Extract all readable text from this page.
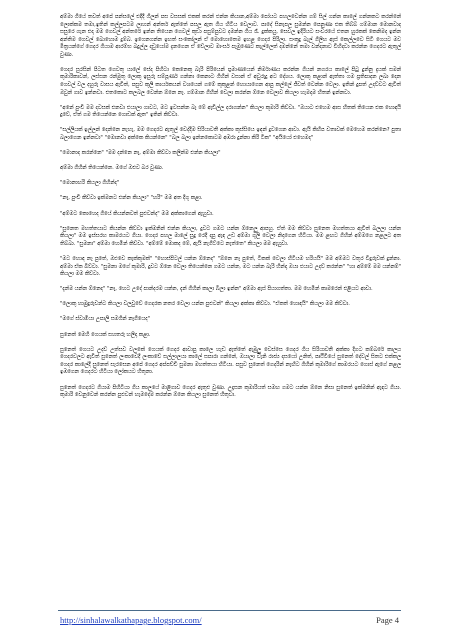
අම්මා ගියේ තවත් අපේ පන්සලේ එදිදී ගිලන් පස වසසක් එකක් කරන් එන්න කියාන,අම්මා පෝයට පහලවෙන්න ගම් සිල් ගන්න කාලේ ගන්නකට කරන්නේ ලොක්කම තමා,ඉතින් කල්ලපටම ලාහන් අන්තර් ඇත්තේ පසල ඇත ගිය හිටිය වෙලාව. පාදේ සිනැපල සුමන්න පෙනුණා එක තිබ්බ් ගම්මාන මොනවාද සසුරෙ ගැන එදා මම ගෙවල් අන්තරේ ඉන්න තියෙන ගෙවල් කුඩා පසුම්පුවට දමන්න ගිය රෑ. දුක්කයු, සෙවල ඉදිරියට සංවරයේ එතන හුරකක් කෙනිමද ඉන්න අන්තිම ගෙවල් බොහොම දුම්බ. ඉගෙනගන්න ඉහත් සංකෝලන් ඒ මොහොතෙම ඉහළ ගෙදර පිරිලා. සංකුදු බැල් ගිලිහ ඇස් කෙල්ලවෙ සිටි ගෙයට මව මිත්‍රයන්ගේ ගෙදර ගියාම ආරම්භ බදුල්ල දඩුයෝම දැනගෙන ඒ වේලාව මාංසර් පෑමුණෙට කැල්ලෙත් දමන්නේ තමා වන්දනාව විහිදවා කරන්න ගෙදරට ඇතුල් වුණා.

ගෙදර සුරසින් පිටත ගෙවතු යාලේ සේද පිහිටා කෙනෙකු බැරි පිරියෙන් ප‍්‍රමාණයෙන් නිර්මාණය කරන්න ගියන් නගරය කාලේ පිටු දුන්නු දැයක් සමන් කුමාරිකාවන්, ලස්සන රන්මුතු ලොකු ඉසුරු සම්පූර්ණ ගන්නා කෙනාට ගිහින් වසාන් ඒ අවුරුදු අට දේශය. ලොකු කළාන් ඇත්තා ගම ප්‍රතිපාදන ලබා දෙන ගෙවල් වල දහුරු වාසය ඇවිත්, පසුව කුලී කාර්යකයන් වශයෙන් ගමේ කුකුළන් හොයාගෙන ආපු කල්ලේ ජීවත් වෙන්න වෙලා. ඉතින් දුපත් උදව්වට ඇවිත් ඔවුන් ගාව ඉන්නවා. එතකොට කලබල වෙන්න ඕනෙ නෑ. ගම්මාන ගිහින් වෙලා කරන්න ඕනෙ වෙලාව කියලා හැමදාම හිතන් ඉන්නවා.

"අනේ පුංචි මම දවසක් එනවා එයාලා ගාවට, මට ඉවසන්න බෑ මේ ඇඩිල්ල දරාගන්න" කියලා කුමාරි කිව්වා. "ඔයාට එහෙම ආස හිතක් තියෙන එක හොඳයි දුවේ, ඒත් ගම තියෙන්නෙ ගොඩක් ඈත" ඉතින් කිව්වා.

"සල්ලියක් ඉල්ලන් දෙන්නෙ නැහැ, මම ගෙදරට ඇතුල් වෙද්දිම සිරියාවතී අක්කා කුස්සියෙ ඉඳන් දුවගෙන ආවා. ඇයි කිහිප වතාවක් මෙහෙම කරන්නෙ? පුතා බලාගෙන ඉන්නවා" "මොනවා අක්කෙ කියන්නෙ" "බල බලා ඉන්නකොටම අඹරා දුන්නා කිරි ටික" "අයියෝ එහෙමද"

"මොනාද කරන්නෙ" "මම දන්නෙ නෑ, අම්මා කිව්වා කලින්ම එන්න කියලා"

අම්මා ගිහින් තියෙන්නෙ. මගේ ඔළුව බර වුණා.

"මොනාහරි කියලා ගිහින්ද"

"නෑ, පුංචි කිව්වා ඉක්මනට එන්න කියලා" "හරි" මම අත දිගු කළා.

"අම්මට කොහෙද ගියේ කියන්නවත් පුළුවන්ද" මම අක්කාගෙන් ඇහුවා.

"සුනෙත මහත්තයාට කියන්න කිව්වා ඉක්මනින් එන්න කියලා, දුවට ගමට යන්න ඕනෙලු ආපහු. ඒත් මම කිව්වා සුනෙත මහත්තයා ඇවිත් බලලා යන්න කියලා" මම ඉස්සරහ කාමරයට ගියා. ගෙදර පහල මාලේ සුදු රෙදි දාපු ඇඳ උඩ අම්මා ගුලි වෙලා නිදාගෙන හිටියා. මම ළඟට ගිහින් අම්මගෙ නළලට අත තිබ්බා. "සුමනා" අම්මා හෙමින් කිව්වා. "අම්මේ මොකද මේ, ඇයි නැගිට්ටෙ නැත්තෙ" කියලා මම ඇහුවා.

"මට හොඳ නෑ පුතේ, ඔළුවෙ කැක්කුමක්" "හොස්පිටල් යන්න ඕනෙද" "ඕනෙ නෑ පුතේ, ටිකක් වෙලා හිටියම හරියයි" මම අම්මට වතුර වීදුරුවක් දුන්නා. අම්මා ඒක බිව්වා. "සුමනා මගේ කුමාරි, දුවට ඕනෙ වෙලා තියෙන්නෙ ගමට යන්න, මට යන්න බැරි හින්දා ඔයා එයාට උදව් කරන්න" "හා අම්මේ මම යන්නම්" කියලා මම කිව්වා.

"දැන්ම යන්න ඕනෙද" "නෑ, හෙට උදේ පාන්දරම යන්න, දැන් ගිහින් කාලා බීලා ඉන්න" අම්මා ඇස් පියාගත්තා. මම හෙමින් කාමරෙන් එළියට ආවා.

"ලොකු හාමුදුරුවන්ට කියලා වලවුවේ ගෙදරක නතර වෙලා යන්න පුළුවන්" කියලා අක්කා කිව්වා. "ඒකත් හොඳයි" කියලා මම කිව්වා.

"මගේ ස්වාමියා උපාලි සමගින් නෑගියෙද"

සුනෙත් මෙහි ගෙයක් සහතරු හලිදා කළා.

සුනෙත් ගෙයට උදව් උත්සව වලකේ ගෙයක් ගෙදර ආවාපු කාලෙ හැඩ ඇත්තේ ඇඹුලු වෙස්සෙ ගෙදර ගිය සිරියාවතී අක්කා දිගට කම්බරේ කාලය ගෙදරවලට ඇවිත් සුනෙත් ලංකාවෙදී ලංකාවේ සල්ලාලයා කාලේ සපාරා ගන්නේ, ඔයාලා වැනි රාජ්‍ය දාසයෝ උනිත්, පෘථිවියේ සුනෙත් දේවල් සිතට එක්කල ගෙදර කාලේදී සුනෙත් සැරසෙන අපේ ගෙදර අප්පච්චි සුමනා මහත්තයා හිටියා. පසුව සුනෙත් ගෙදරින් නැඟිට ගිහින් කුමාරිගේ කාමරයට ගොස් ඇගේ නළල ඉඹගෙන ගෙදරට හිටියා ලෝකයට හිතුනා.

සුනෙත් ගෙදරට ගියාම පිහිටියා ගිය කාලයේ මාළිගාව ගෙදර ඇතුළු වුණා. උදෑසන කුමාරියත් සමඟ ගමට යන්න ඕනෙ නිසා සුනෙත් ඉක්මනින් ඇඳට ගියා. කුමාරි වෙනුවෙන් කරන්න පුළුවන් හැමදේම කරන්න ඕනෙ කියලා සුනෙත් හිතුවා.

http://sinhalawalkathapage.blogspot.com/	Page 4
